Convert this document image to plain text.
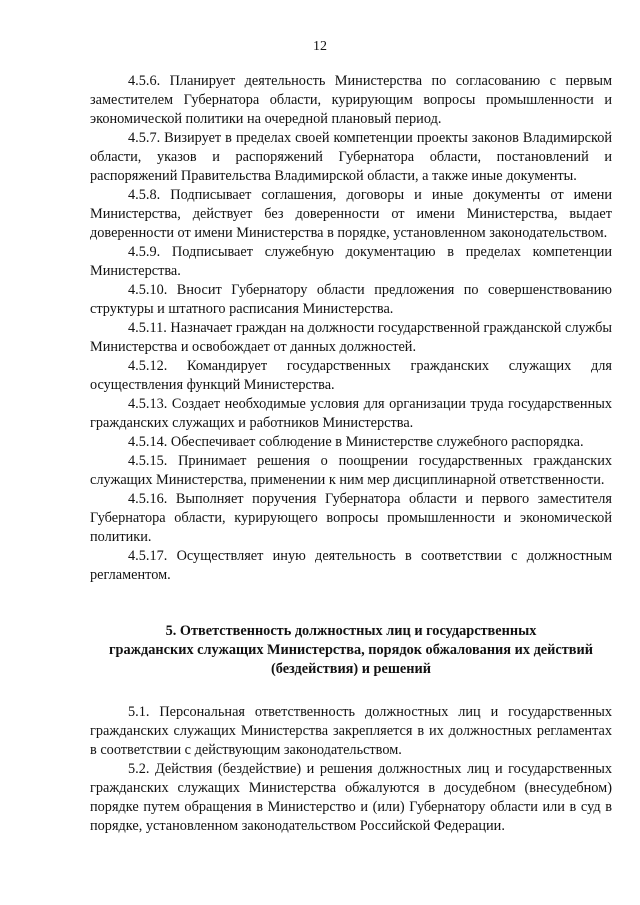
12

4.5.6. Планирует деятельность Министерства по согласованию с первым заместителем Губернатора области, курирующим вопросы промышленности и экономической политики на очередной плановый период.

4.5.7. Визирует в пределах своей компетенции проекты законов Владимирской области, указов и распоряжений Губернатора области, постановлений и распоряжений Правительства Владимирской области, а также иные документы.

4.5.8. Подписывает соглашения, договоры и иные документы от имени Министерства, действует без доверенности от имени Министерства, выдает доверенности от имени Министерства в порядке, установленном законодательством.

4.5.9. Подписывает служебную документацию в пределах компетенции Министерства.

4.5.10. Вносит Губернатору области предложения по совершенствованию структуры и штатного расписания Министерства.

4.5.11. Назначает граждан на должности государственной гражданской службы Министерства и освобождает от данных должностей.

4.5.12. Командирует государственных гражданских служащих для осуществления функций Министерства.

4.5.13. Создает необходимые условия для организации труда государственных гражданских служащих и работников Министерства.

4.5.14. Обеспечивает соблюдение в Министерстве служебного распорядка.

4.5.15. Принимает решения о поощрении государственных гражданских служащих Министерства, применении к ним мер дисциплинарной ответственности.

4.5.16. Выполняет поручения Губернатора области и первого заместителя Губернатора области, курирующего вопросы промышленности и экономической политики.

4.5.17. Осуществляет иную деятельность в соответствии с должностным регламентом.

5. Ответственность должностных лиц и государственных

гражданских служащих Министерства, порядок обжалования их действий

(бездействия) и решений

5.1. Персональная ответственность должностных лиц и государственных гражданских служащих Министерства закрепляется в их должностных регламентах в соответствии с действующим законодательством.

5.2. Действия (бездействие) и решения должностных лиц и государственных гражданских служащих Министерства обжалуются в досудебном (внесудебном) порядке путем обращения в Министерство и (или) Губернатору области или в суд в порядке, установленном законодательством Российской Федерации.
